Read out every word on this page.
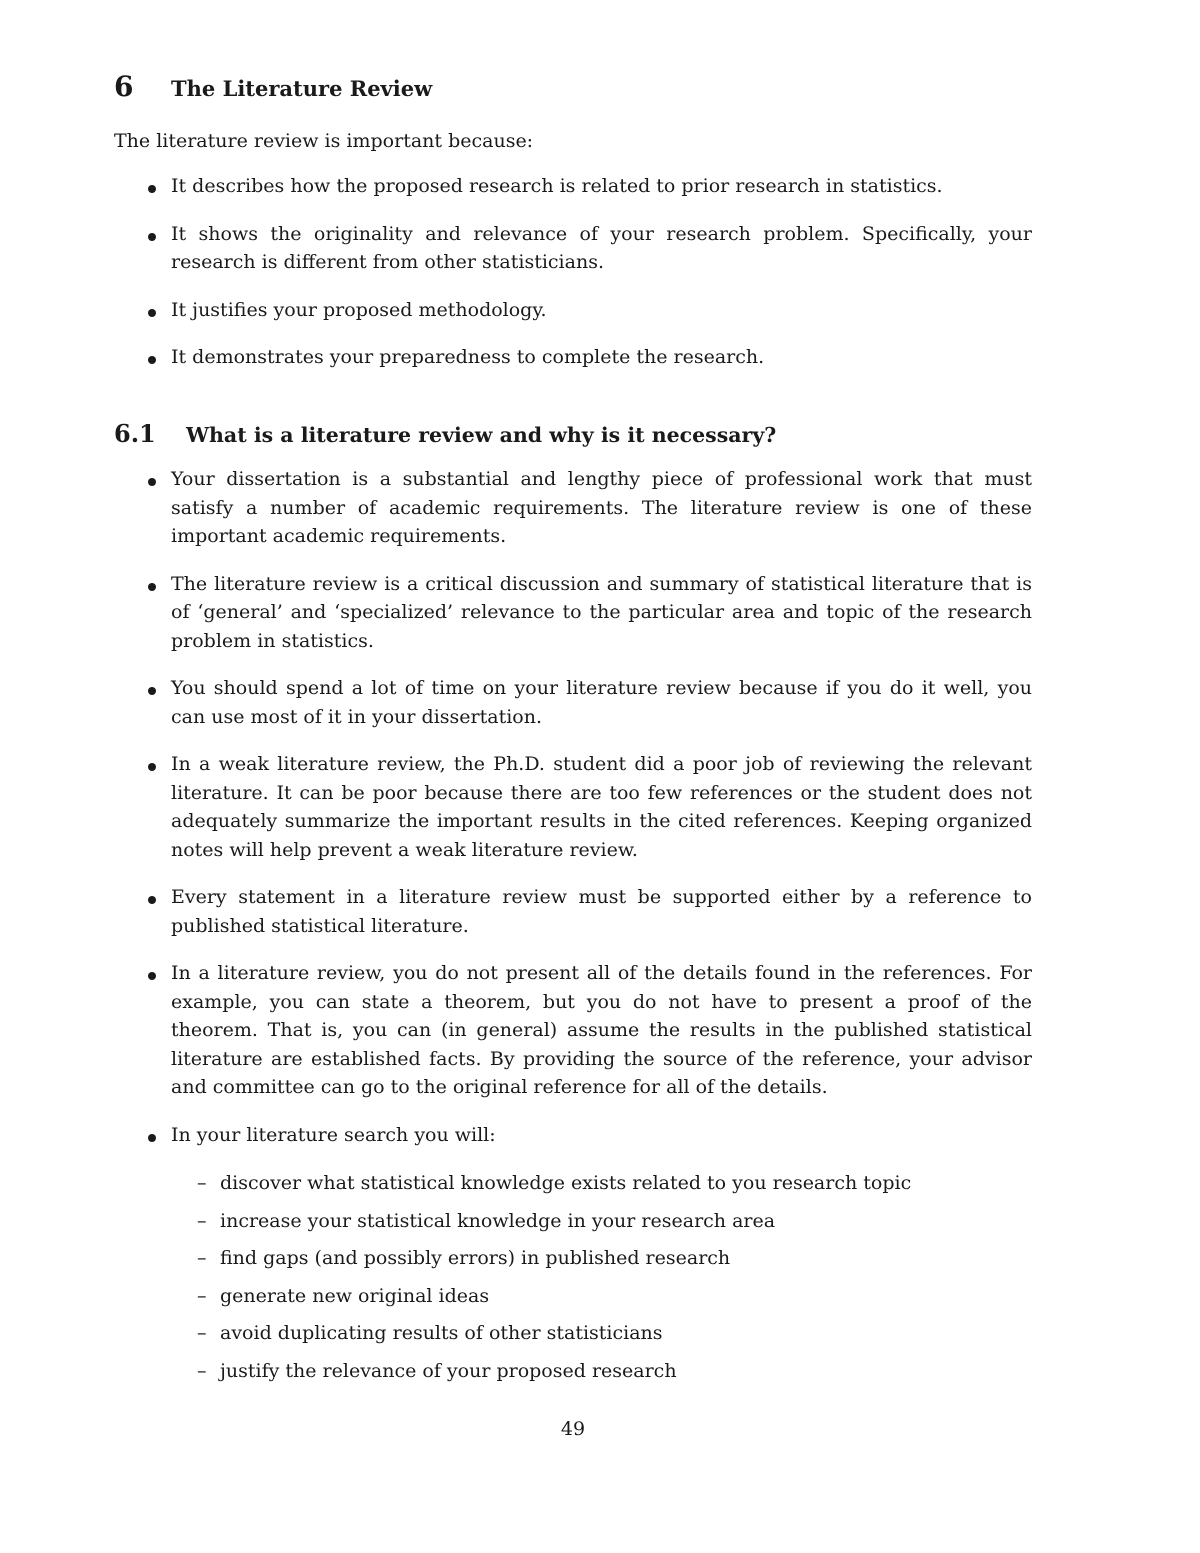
6	The Literature Review
The literature review is important because:
It describes how the proposed research is related to prior research in statistics.
It shows the originality and relevance of your research problem. Specifically, your research is different from other statisticians.
It justifies your proposed methodology.
It demonstrates your preparedness to complete the research.
6.1	What is a literature review and why is it necessary?
Your dissertation is a substantial and lengthy piece of professional work that must satisfy a number of academic requirements. The literature review is one of these important academic requirements.
The literature review is a critical discussion and summary of statistical literature that is of ‘general’ and ‘specialized’ relevance to the particular area and topic of the research problem in statistics.
You should spend a lot of time on your literature review because if you do it well, you can use most of it in your dissertation.
In a weak literature review, the Ph.D. student did a poor job of reviewing the relevant literature. It can be poor because there are too few references or the student does not adequately summarize the important results in the cited references. Keeping organized notes will help prevent a weak literature review.
Every statement in a literature review must be supported either by a reference to published statistical literature.
In a literature review, you do not present all of the details found in the references. For example, you can state a theorem, but you do not have to present a proof of the theorem. That is, you can (in general) assume the results in the published statistical literature are established facts. By providing the source of the reference, your advisor and committee can go to the original reference for all of the details.
In your literature search you will:
– discover what statistical knowledge exists related to you research topic
– increase your statistical knowledge in your research area
– find gaps (and possibly errors) in published research
– generate new original ideas
– avoid duplicating results of other statisticians
– justify the relevance of your proposed research
49
